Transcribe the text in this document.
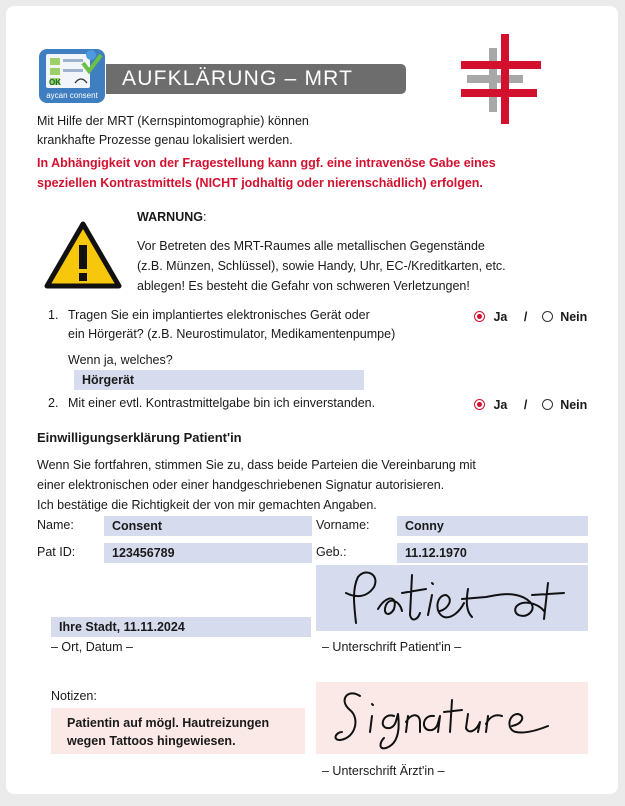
OK
aycan consent
AUFKLÄRUNG – MRT
Mit Hilfe der MRT (Kernspintomographie) können
krankhafte Prozesse genau lokalisiert werden.
In Abhängigkeit von der Fragestellung kann ggf. eine intravenöse Gabe eines
speziellen Kontrastmittels (NICHT jodhaltig oder nierenschädlich) erfolgen.
WARNUNG:
Vor Betreten des MRT-Raumes alle metallischen Gegenstände
(z.B. Münzen, Schlüssel), sowie Handy, Uhr, EC-/Kreditkarten, etc.
ablegen! Es besteht die Gefahr von schweren Verletzungen!
1. Tragen Sie ein implantiertes elektronisches Gerät oder
ein Hörgerät? (z.B. Neurostimulator, Medikamentenpumpe)
Ja /	Nein
Wenn ja, welches?
Hörgerät
2. Mit einer evtl. Kontrastmittelgabe bin ich einverstanden.	Ja /	Nein
Einwilligungserklärung Patient'in
Wenn Sie fortfahren, stimmen Sie zu, dass beide Parteien die Vereinbarung mit
einer elektronischen oder einer handgeschriebenen Signatur autorisieren.
Ich bestätige die Richtigkeit der von mir gemachten Angaben.
Name:	Consent	Vorname:	Conny
Pat ID:	123456789	Geb.:	11.12.1970
Ihre Stadt, 11.11.2024
– Ort, Datum –	– Unterschrift Patient'in –
Notizen:
Patientin auf mögl. Hautreizungen
wegen Tattoos hingewiesen.
– Unterschrift Ärzt'in –
